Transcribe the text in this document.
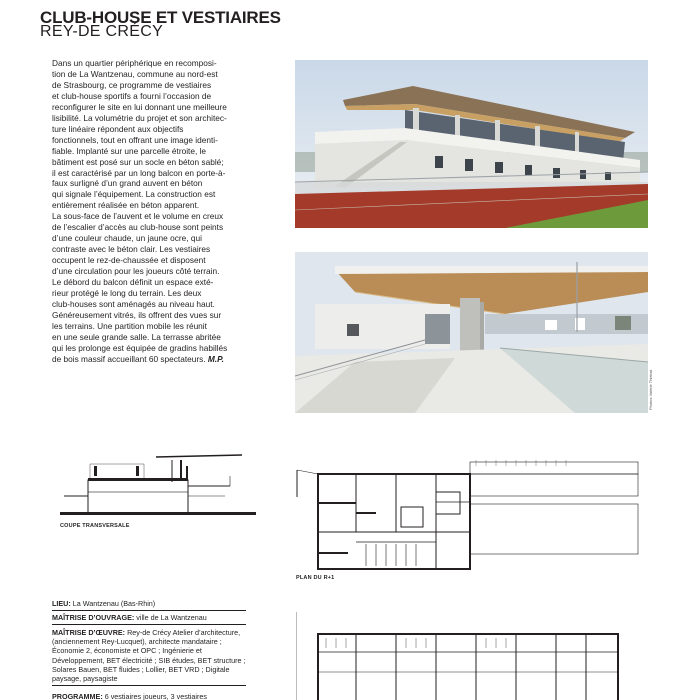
CLUB-HOUSE ET VESTIAIRES
REY-DE CRÉCY
Dans un quartier périphérique en recomposi-
tion de La Wantzenau, commune au nord-est
de Strasbourg, ce programme de vestiaires
et club-house sportifs a fourni l’occasion de
reconfigurer le site en lui donnant une meilleure
lisibilité. La volumétrie du projet et son architec-
ture linéaire répondent aux objectifs
fonctionnels, tout en offrant une image identi-
fiable. Implanté sur une parcelle étroite, le
bâtiment est posé sur un socle en béton sablé;
il est caractérisé par un long balcon en porte-à-
faux surligné d’un grand auvent en béton
qui signale l’équipement. La construction est
entièrement réalisée en béton apparent.
La sous-face de l’auvent et le volume en creux
de l’escalier d’accès au club-house sont peints
d’une couleur chaude, un jaune ocre, qui
contraste avec le béton clair. Les vestiaires
occupent le rez-de-chaussée et disposent
d’une circulation pour les joueurs côté terrain.
Le débord du balcon définit un espace exté-
rieur protégé le long du terrain. Les deux
club-houses sont aménagés au niveau haut.
Généreusement vitrés, ils offrent des vues sur
les terrains. Une partition mobile les réunit
en une seule grande salle. La terrasse abritée
qui les prolonge est équipée de gradins habillés
de bois massif accueillant 60 spectateurs. M.P.
Photos Valérie Thiébat
COUPE TRANSVERSALE
PLAN DU R+1
LIEU: La Wantzenau (Bas-Rhin)
MAÎTRISE D’OUVRAGE: ville de La Wantzenau
MAÎTRISE D’ŒUVRE: Rey-de Crécy Atelier d’architecture, (anciennement Rey-Lucquet), architecte mandataire ; Économie 2, économiste et OPC ; Ingénierie et Développement, BET électricité ; SIB études, BET structure ; Solares Bauen, BET fluides ; Lollier, BET VRD ; Digitale paysage, paysagiste
PROGRAMME: 6 vestiaires joueurs, 3 vestiaires
